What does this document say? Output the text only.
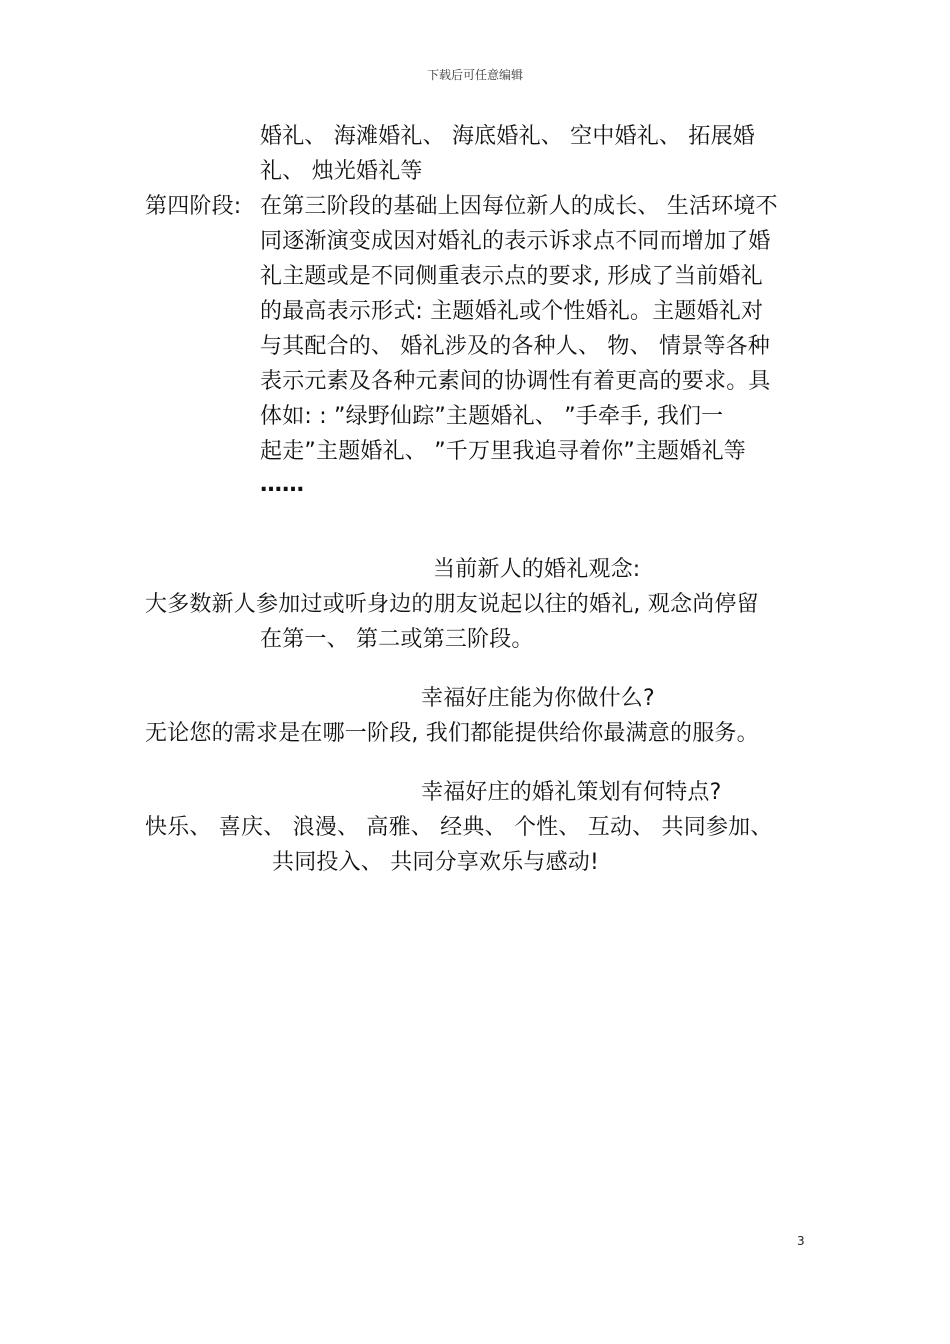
下载后可任意编辑
婚礼、 海滩婚礼、 海底婚礼、 空中婚礼、 拓展婚
礼、 烛光婚礼等
第四阶段: 在第三阶段的基础上因每位新人的成长、 生活环境不
同逐渐演变成因对婚礼的表示诉求点不同而增加了婚
礼主题或是不同侧重表示点的要求, 形成了当前婚礼
的最高表示形式: 主题婚礼或个性婚礼。主题婚礼对
与其配合的、 婚礼涉及的各种人、 物、 情景等各种
表示元素及各种元素间的协调性有着更高的要求。具
体如: : ”绿野仙踪”主题婚礼、 ”手牵手, 我们一
起走”主题婚礼、 ”千万里我追寻着你”主题婚礼等
……
当前新人的婚礼观念:
大多数新人参加过或听身边的朋友说起以往的婚礼, 观念尚停留
在第一、 第二或第三阶段。
幸福好庄能为你做什么?
无论您的需求是在哪一阶段, 我们都能提供给你最满意的服务。
幸福好庄的婚礼策划有何特点?
快乐、 喜庆、 浪漫、 高雅、 经典、 个性、 互动、 共同参加、
共同投入、 共同分享欢乐与感动!
3
